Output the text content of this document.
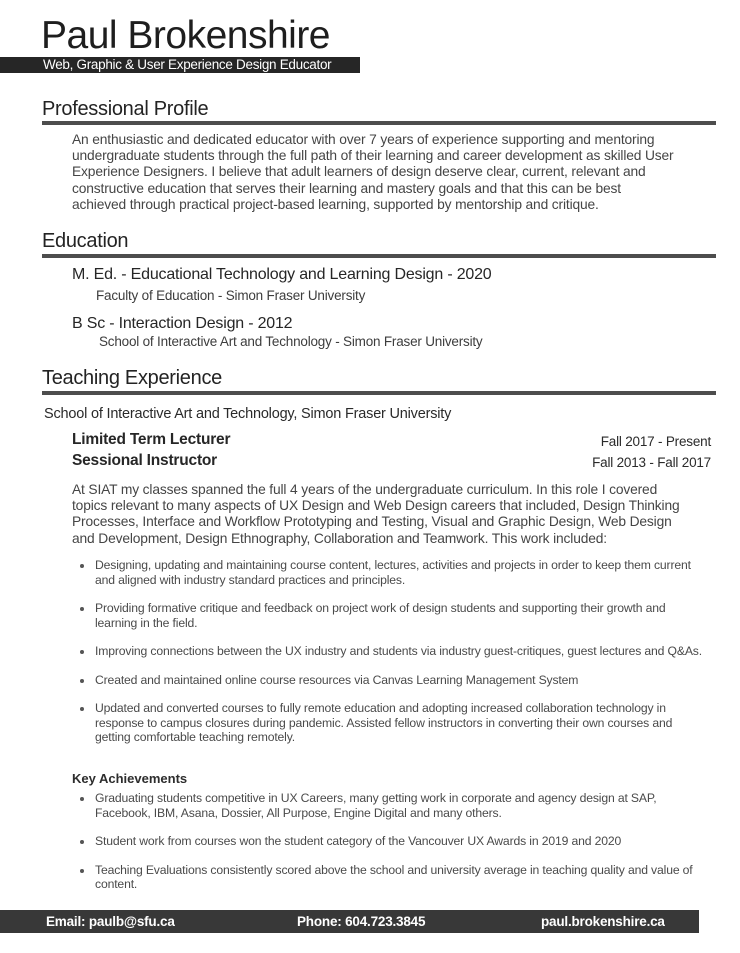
Paul Brokenshire
Web, Graphic & User Experience Design Educator
Professional Profile
An enthusiastic and dedicated educator with over 7 years of experience supporting and mentoring
undergraduate students through the full path of their learning and career development as skilled User
Experience Designers. I believe that adult learners of design deserve clear, current, relevant and
constructive education that serves their learning and mastery goals and that this can be best
achieved through practical project-based learning, supported by mentorship and critique.
Education
M. Ed. - Educational Technology and Learning Design - 2020
Faculty of Education - Simon Fraser University
B Sc - Interaction Design - 2012
School of Interactive Art and Technology - Simon Fraser University
Teaching Experience
School of Interactive Art and Technology, Simon Fraser University
Limited Term Lecturer	Fall 2017 - Present
Sessional Instructor	Fall 2013 - Fall 2017
At SIAT my classes spanned the full 4 years of the undergraduate curriculum. In this role I covered
topics relevant to many aspects of UX Design and Web Design careers that included, Design Thinking
Processes, Interface and Workflow Prototyping and Testing, Visual and Graphic Design, Web Design
and Development, Design Ethnography, Collaboration and Teamwork. This work included:
Designing, updating and maintaining course content, lectures, activities and projects in order to keep them current and aligned with industry standard practices and principles.
Providing formative critique and feedback on project work of design students and supporting their growth and learning in the field.
Improving connections between the UX industry and students via industry guest-critiques, guest lectures and Q&As.
Created and maintained online course resources via Canvas Learning Management System
Updated and converted courses to fully remote education and adopting increased collaboration technology in response to campus closures during pandemic. Assisted fellow instructors in converting their own courses and getting comfortable teaching remotely.
Key Achievements
Graduating students competitive in UX Careers, many getting work in corporate and agency design at SAP, Facebook, IBM, Asana, Dossier, All Purpose, Engine Digital and many others.
Student work from courses won the student category of the Vancouver UX Awards in 2019 and 2020
Teaching Evaluations consistently scored above the school and university average in teaching quality and value of content.
Email: paulb@sfu.ca	Phone: 604.723.3845	paul.brokenshire.ca
